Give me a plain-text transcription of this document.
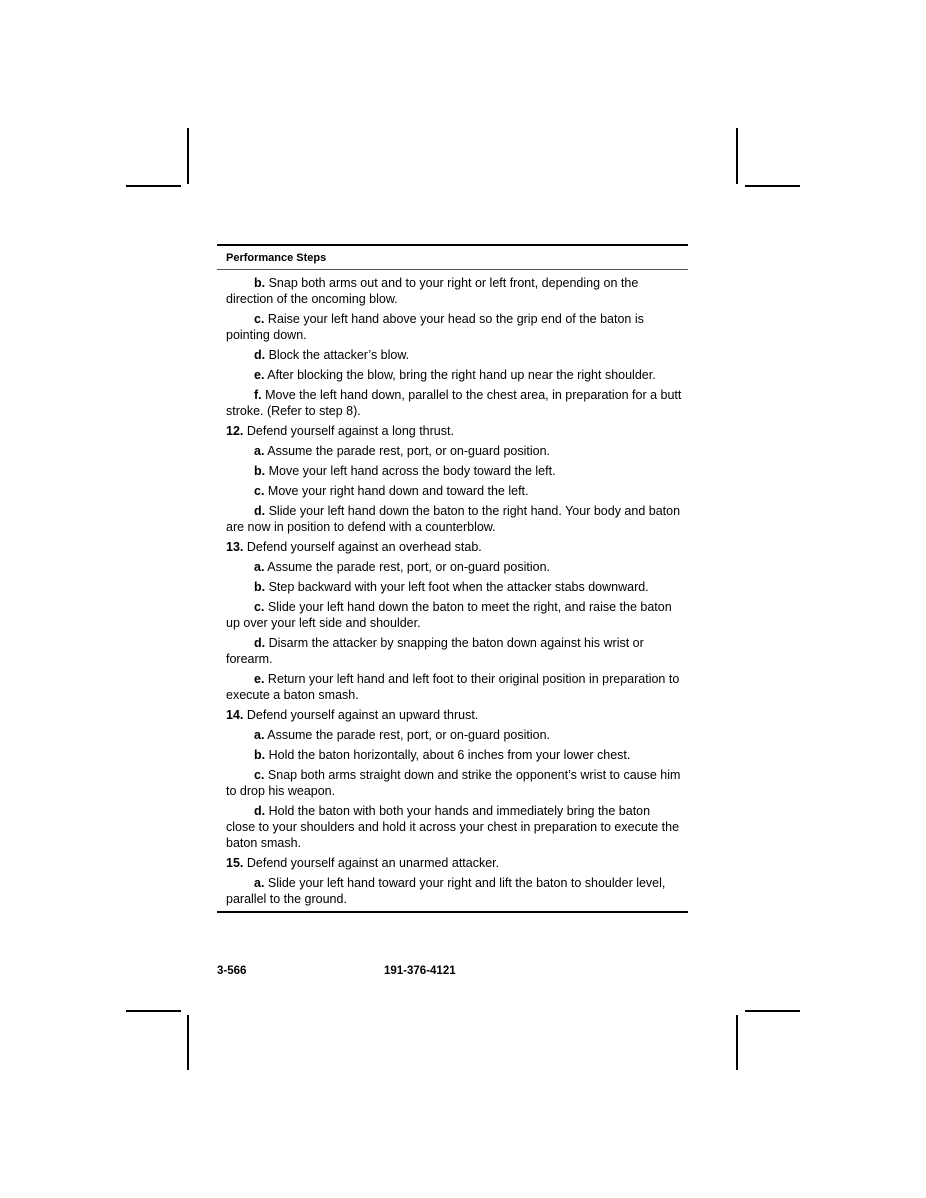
Performance Steps

b. Snap both arms out and to your right or left front, depending on the direction of the oncoming blow.

c. Raise your left hand above your head so the grip end of the baton is pointing down.

d. Block the attacker’s blow.

e. After blocking the blow, bring the right hand up near the right shoulder.

f. Move the left hand down, parallel to the chest area, in preparation for a butt stroke. (Refer to step 8).

12. Defend yourself against a long thrust.

a. Assume the parade rest, port, or on-guard position.

b. Move your left hand across the body toward the left.

c. Move your right hand down and toward the left.

d. Slide your left hand down the baton to the right hand. Your body and baton are now in position to defend with a counterblow.

13. Defend yourself against an overhead stab.

a. Assume the parade rest, port, or on-guard position.

b. Step backward with your left foot when the attacker stabs downward.

c. Slide your left hand down the baton to meet the right, and raise the baton up over your left side and shoulder.

d. Disarm the attacker by snapping the baton down against his wrist or forearm.

e. Return your left hand and left foot to their original position in preparation to execute a baton smash.

14. Defend yourself against an upward thrust.

a. Assume the parade rest, port, or on-guard position.

b. Hold the baton horizontally, about 6 inches from your lower chest.

c. Snap both arms straight down and strike the opponent’s wrist to cause him to drop his weapon.

d. Hold the baton with both your hands and immediately bring the baton close to your shoulders and hold it across your chest in preparation to execute the baton smash.

15. Defend yourself against an unarmed attacker.

a. Slide your left hand toward your right and lift the baton to shoulder level, parallel to the ground.

3-566	191-376-4121
